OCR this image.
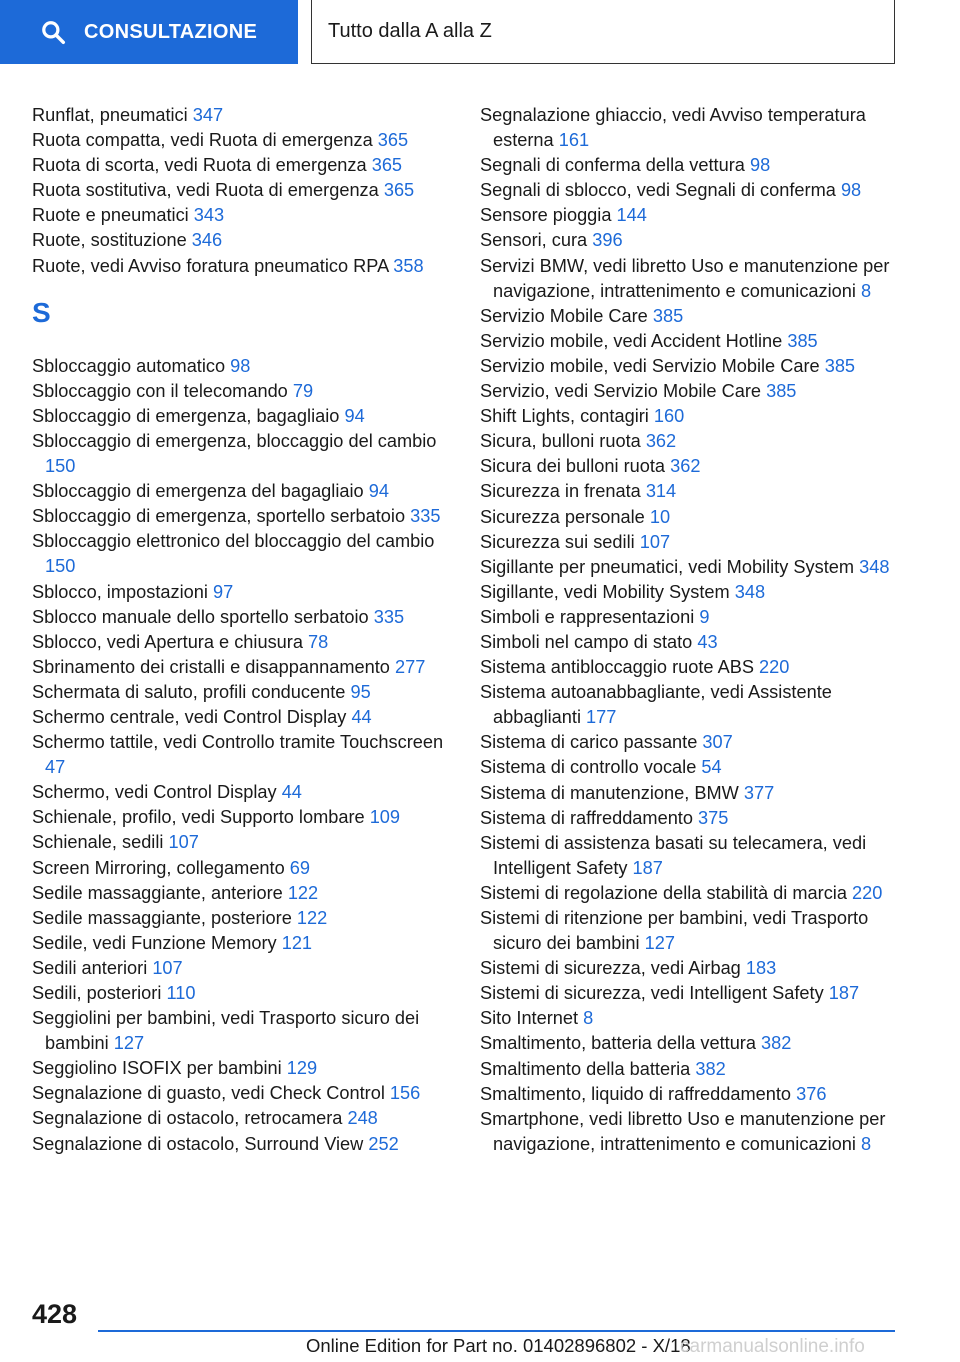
CONSULTAZIONE	Tutto dalla A alla Z
Runflat, pneumatici 347
Ruota compatta, vedi Ruota di emergenza 365
Ruota di scorta, vedi Ruota di emergenza 365
Ruota sostitutiva, vedi Ruota di emergenza 365
Ruote e pneumatici 343
Ruote, sostituzione 346
Ruote, vedi Avviso foratura pneumatico RPA 358
S
Sbloccaggio automatico 98
Sbloccaggio con il telecomando 79
Sbloccaggio di emergenza, bagagliaio 94
Sbloccaggio di emergenza, bloccaggio del cambio 150
Sbloccaggio di emergenza del bagagliaio 94
Sbloccaggio di emergenza, sportello serbatoio 335
Sbloccaggio elettronico del bloccaggio del cambio 150
Sblocco, impostazioni 97
Sblocco manuale dello sportello serbatoio 335
Sblocco, vedi Apertura e chiusura 78
Sbrinamento dei cristalli e disappannamento 277
Schermata di saluto, profili conducente 95
Schermo centrale, vedi Control Display 44
Schermo tattile, vedi Controllo tramite Touchscreen 47
Schermo, vedi Control Display 44
Schienale, profilo, vedi Supporto lombare 109
Schienale, sedili 107
Screen Mirroring, collegamento 69
Sedile massaggiante, anteriore 122
Sedile massaggiante, posteriore 122
Sedile, vedi Funzione Memory 121
Sedili anteriori 107
Sedili, posteriori 110
Seggiolini per bambini, vedi Trasporto sicuro dei bambini 127
Seggiolino ISOFIX per bambini 129
Segnalazione di guasto, vedi Check Control 156
Segnalazione di ostacolo, retrocamera 248
Segnalazione di ostacolo, Surround View 252
Segnalazione ghiaccio, vedi Avviso temperatura esterna 161
Segnali di conferma della vettura 98
Segnali di sblocco, vedi Segnali di conferma 98
Sensore pioggia 144
Sensori, cura 396
Servizi BMW, vedi libretto Uso e manutenzione per navigazione, intrattenimento e comunicazioni 8
Servizio Mobile Care 385
Servizio mobile, vedi Accident Hotline 385
Servizio mobile, vedi Servizio Mobile Care 385
Servizio, vedi Servizio Mobile Care 385
Shift Lights, contagiri 160
Sicura, bulloni ruota 362
Sicura dei bulloni ruota 362
Sicurezza in frenata 314
Sicurezza personale 10
Sicurezza sui sedili 107
Sigillante per pneumatici, vedi Mobility System 348
Sigillante, vedi Mobility System 348
Simboli e rappresentazioni 9
Simboli nel campo di stato 43
Sistema antibloccaggio ruote ABS 220
Sistema autoanabbagliante, vedi Assistente abbaglianti 177
Sistema di carico passante 307
Sistema di controllo vocale 54
Sistema di manutenzione, BMW 377
Sistema di raffreddamento 375
Sistemi di assistenza basati su telecamera, vedi Intelligent Safety 187
Sistemi di regolazione della stabilità di marcia 220
Sistemi di ritenzione per bambini, vedi Trasporto sicuro dei bambini 127
Sistemi di sicurezza, vedi Airbag 183
Sistemi di sicurezza, vedi Intelligent Safety 187
Sito Internet 8
Smaltimento, batteria della vettura 382
Smaltimento della batteria 382
Smaltimento, liquido di raffreddamento 376
Smartphone, vedi libretto Uso e manutenzione per navigazione, intrattenimento e comunicazioni 8
428
Online Edition for Part no. 01402896802 - X/18
carmanualsonline.info
